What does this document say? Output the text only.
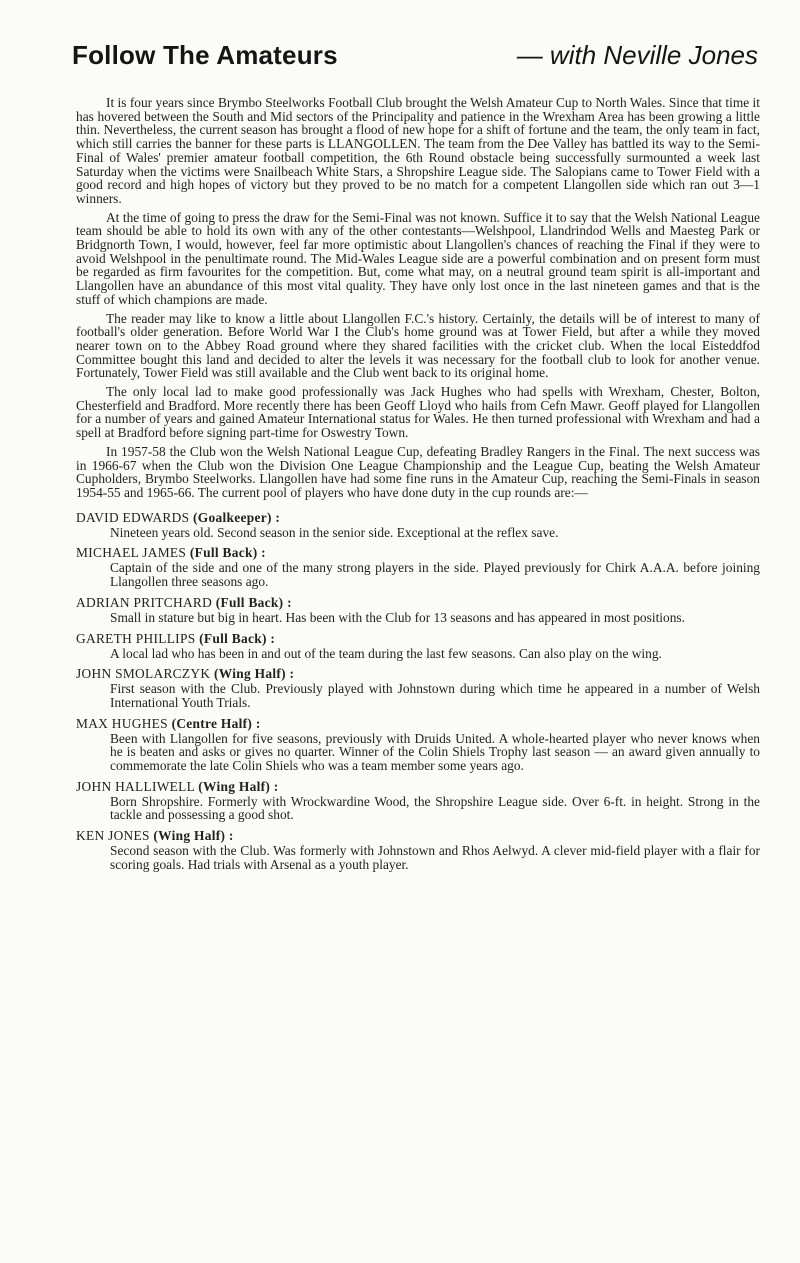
Follow The Amateurs	— with Neville Jones

It is four years since Brymbo Steelworks Football Club brought the Welsh Amateur Cup to North Wales. Since that time it has hovered between the South and Mid sectors of the Principality and patience in the Wrexham Area has been growing a little thin. Nevertheless, the current season has brought a flood of new hope for a shift of fortune and the team, the only team in fact, which still carries the banner for these parts is LLANGOLLEN. The team from the Dee Valley has battled its way to the Semi-Final of Wales' premier amateur football competition, the 6th Round obstacle being successfully surmounted a week last Saturday when the victims were Snailbeach White Stars, a Shropshire League side. The Salopians came to Tower Field with a good record and high hopes of victory but they proved to be no match for a competent Llangollen side which ran out 3—1 winners.

At the time of going to press the draw for the Semi-Final was not known. Suffice it to say that the Welsh National League team should be able to hold its own with any of the other contestants—Welshpool, Llandrindod Wells and Maesteg Park or Bridgnorth Town, I would, however, feel far more optimistic about Llangollen's chances of reaching the Final if they were to avoid Welshpool in the penultimate round. The Mid-Wales League side are a powerful combination and on present form must be regarded as firm favourites for the competition. But, come what may, on a neutral ground team spirit is all-important and Llangollen have an abundance of this most vital quality. They have only lost once in the last nineteen games and that is the stuff of which champions are made.

The reader may like to know a little about Llangollen F.C.'s history. Certainly, the details will be of interest to many of football's older generation. Before World War I the Club's home ground was at Tower Field, but after a while they moved nearer town on to the Abbey Road ground where they shared facilities with the cricket club. When the local Eisteddfod Committee bought this land and decided to alter the levels it was necessary for the football club to look for another venue. Fortunately, Tower Field was still available and the Club went back to its original home.

The only local lad to make good professionally was Jack Hughes who had spells with Wrexham, Chester, Bolton, Chesterfield and Bradford. More recently there has been Geoff Lloyd who hails from Cefn Mawr. Geoff played for Llangollen for a number of years and gained Amateur International status for Wales. He then turned professional with Wrexham and had a spell at Bradford before signing part-time for Oswestry Town.

In 1957-58 the Club won the Welsh National League Cup, defeating Bradley Rangers in the Final. The next success was in 1966-67 when the Club won the Division One League Championship and the League Cup, beating the Welsh Amateur Cupholders, Brymbo Steelworks. Llangollen have had some fine runs in the Amateur Cup, reaching the Semi-Finals in season 1954-55 and 1965-66. The current pool of players who have done duty in the cup rounds are:—

DAVID EDWARDS (Goalkeeper) :
Nineteen years old. Second season in the senior side. Exceptional at the reflex save.
MICHAEL JAMES (Full Back) :
Captain of the side and one of the many strong players in the side. Played previously for Chirk A.A.A. before joining Llangollen three seasons ago.
ADRIAN PRITCHARD (Full Back) :
Small in stature but big in heart. Has been with the Club for 13 seasons and has appeared in most positions.
GARETH PHILLIPS (Full Back) :
A local lad who has been in and out of the team during the last few seasons. Can also play on the wing.
JOHN SMOLARCZYK (Wing Half) :
First season with the Club. Previously played with Johnstown during which time he appeared in a number of Welsh International Youth Trials.
MAX HUGHES (Centre Half) :
Been with Llangollen for five seasons, previously with Druids United. A whole-hearted player who never knows when he is beaten and asks or gives no quarter. Winner of the Colin Shiels Trophy last season — an award given annually to commemorate the late Colin Shiels who was a team member some years ago.
JOHN HALLIWELL (Wing Half) :
Born Shropshire. Formerly with Wrockwardine Wood, the Shropshire League side. Over 6-ft. in height. Strong in the tackle and possessing a good shot.
KEN JONES (Wing Half) :
Second season with the Club. Was formerly with Johnstown and Rhos Aelwyd. A clever mid-field player with a flair for scoring goals. Had trials with Arsenal as a youth player.
